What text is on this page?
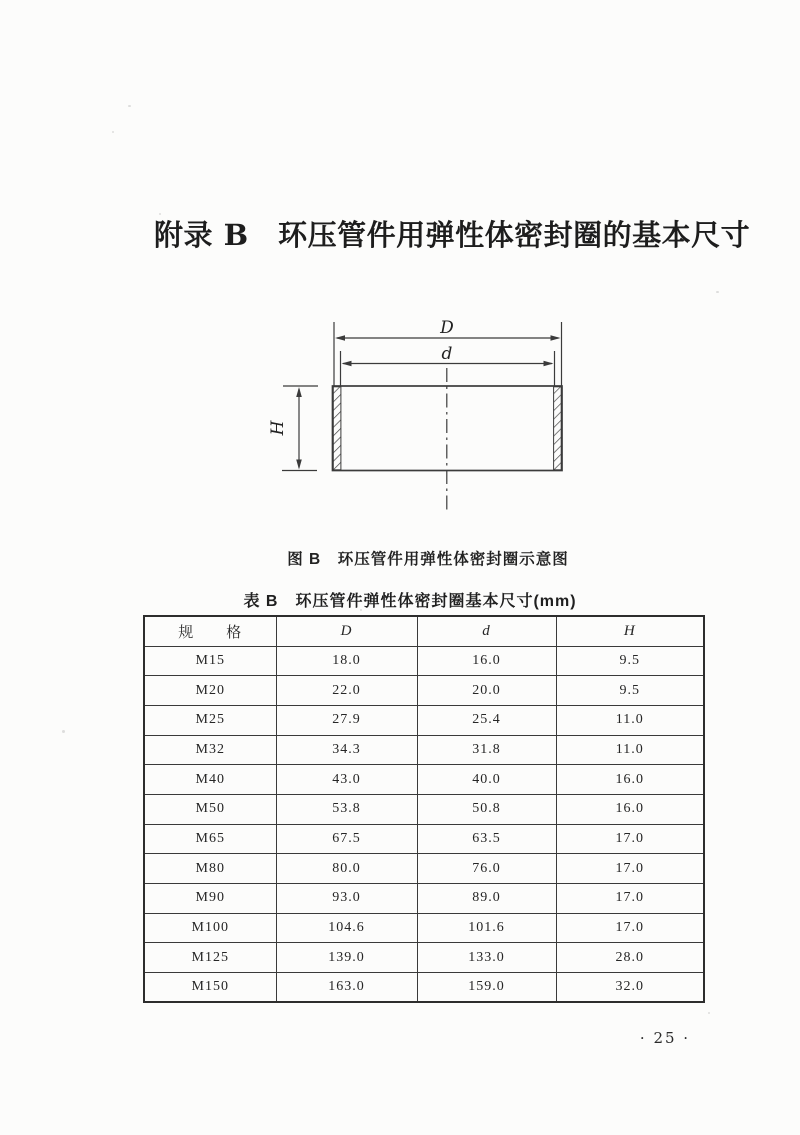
附录 B　环压管件用弹性体密封圈的基本尺寸
D
d
H
图 B　环压管件用弹性体密封圈示意图
表 B　环压管件弹性体密封圈基本尺寸(mm)
规　　格	D	d	H
M15	18.0	16.0	9.5
M20	22.0	20.0	9.5
M25	27.9	25.4	11.0
M32	34.3	31.8	11.0
M40	43.0	40.0	16.0
M50	53.8	50.8	16.0
M65	67.5	63.5	17.0
M80	80.0	76.0	17.0
M90	93.0	89.0	17.0
M100	104.6	101.6	17.0
M125	139.0	133.0	28.0
M150	163.0	159.0	32.0
· 25 ·
